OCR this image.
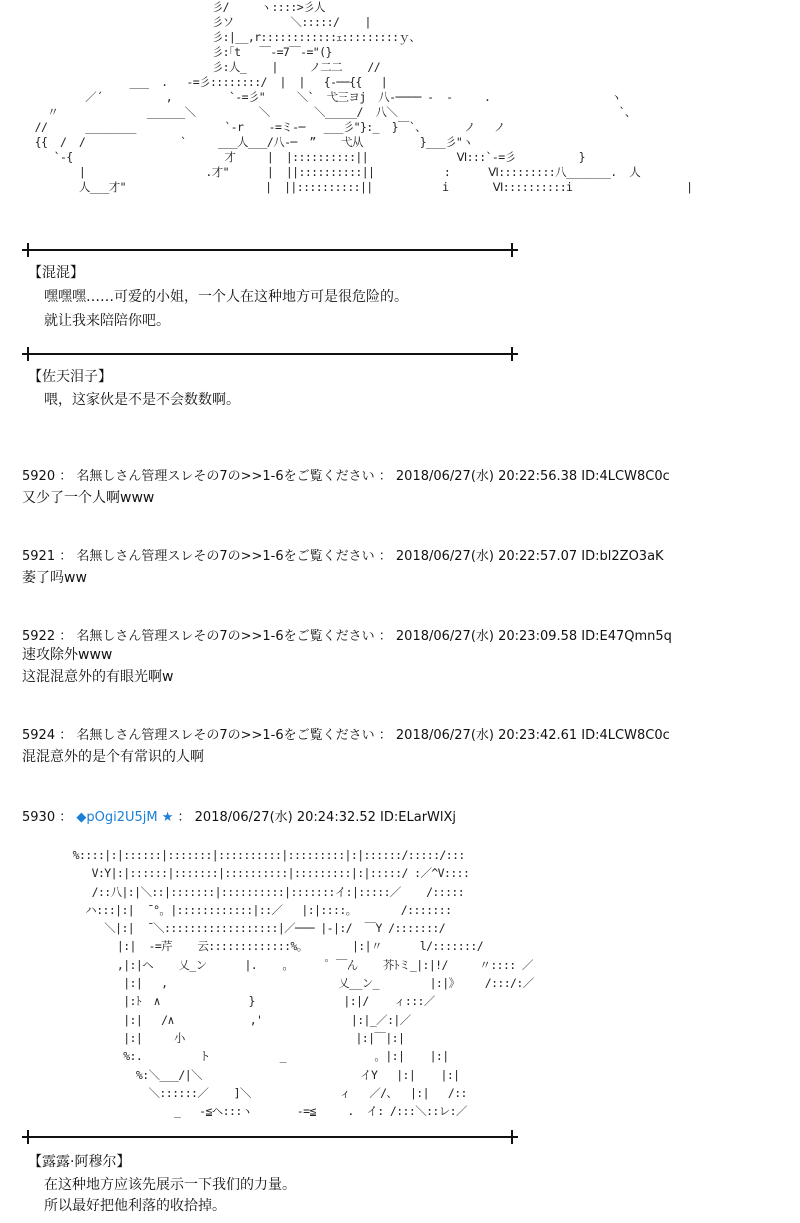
彡/     ヽ::::>彡人
彡ソ         ＼:::::/    |
彡:|__,r::::::::::::ｪ:::::::::ｙ、
彡:｢t   ￣-=7￣-="(}
彡:人_    |     ノ二二    //
___  .   -=彡::::::::/  |  |   {-──{{   |
／´          ,         `-=彡"     ＼`  弋三ヨj  八-──── -  -     .                   ヽ
〃              ______＼          ＼       ＼_____/  八＼                                   `、
//      ________              `-r    -=ミ-─   ___彡"}:_  }￣`、      ノ   ノ
{{  /  /               `     ___人___/八-─  ”    弋从         }___彡"ヽ
`-{                        才     |  |::::::::::||              Ⅵ:::`-=彡          }
|                   .才"      |  ||::::::::::||           :      Ⅵ:::::::::八_______.  人
人___才"                      |  ||::::::::::||           i       Ⅵ::::::::::i                  |
【混混】
嘿嘿嘿……可爱的小姐，一个人在这种地方可是很危险的。
就让我来陪陪你吧。
【佐天泪子】
喂，这家伙是不是不会数数啊。
5920 ： 名無しさん管理スレその7の>>1-6をご覧ください ： 2018/06/27(水) 20:22:56.38 ID:4LCW8C0c
又少了一个人啊www
5921 ： 名無しさん管理スレその7の>>1-6をご覧ください ： 2018/06/27(水) 20:22:57.07 ID:bl2ZO3aK
萎了吗ww
5922 ： 名無しさん管理スレその7の>>1-6をご覧ください ： 2018/06/27(水) 20:23:09.58 ID:E47Qmn5q
速攻除外www
这混混意外的有眼光啊w
5924 ： 名無しさん管理スレその7の>>1-6をご覧ください ： 2018/06/27(水) 20:23:42.61 ID:4LCW8C0c
混混意外的是个有常识的人啊
5930 ： ◆pOgi2U5jM ★ ： 2018/06/27(水) 20:24:32.52 ID:ELarWlXj
%::::|:|::::::|:::::::|::::::::::|:::::::::|:|::::::/:::::/:::
V:Y|:|::::::|:::::::|::::::::::|:::::::::|:|:::::/ :／^V::::
/::八|:|＼::|:::::::|::::::::::|:::::::イ:|:::::／    /:::::
ハ:::|:|  ̄ °。|::::::::::::|::／   |:|::::。       /:::::::
＼|:|  ̄ ＼::::::::::::::::::|／─── |-|:/  ￣Y /:::::::/
|:|  -=芹    云:::::::::::::%。       |:|〃      l/:::::::/
,|:|ヘ    乂_ン      |.    。     ゜￣ん    芥ﾄミ_|:|!/     〃:::: ／
|:|   ,                           乂__ン_        |:|》    /:::/:／
|:ﾄ  ∧              }              |:|/    ィ:::／
|:|   /∧            ,'              |:|_／:|／
|:|     小                           |:|￣|:|
%:.         ト           _              。|:|    |:|
%:＼___/|＼                         イY   |:|    |:|
＼::::::／    ]＼              ィ   ／/、  |:|   /::
_   -≦ヘ:::ヽ       -=≦     .  イ: /:::＼::レ:／
【露露·阿穆尔】
在这种地方应该先展示一下我们的力量。
所以最好把他利落的收拾掉。
